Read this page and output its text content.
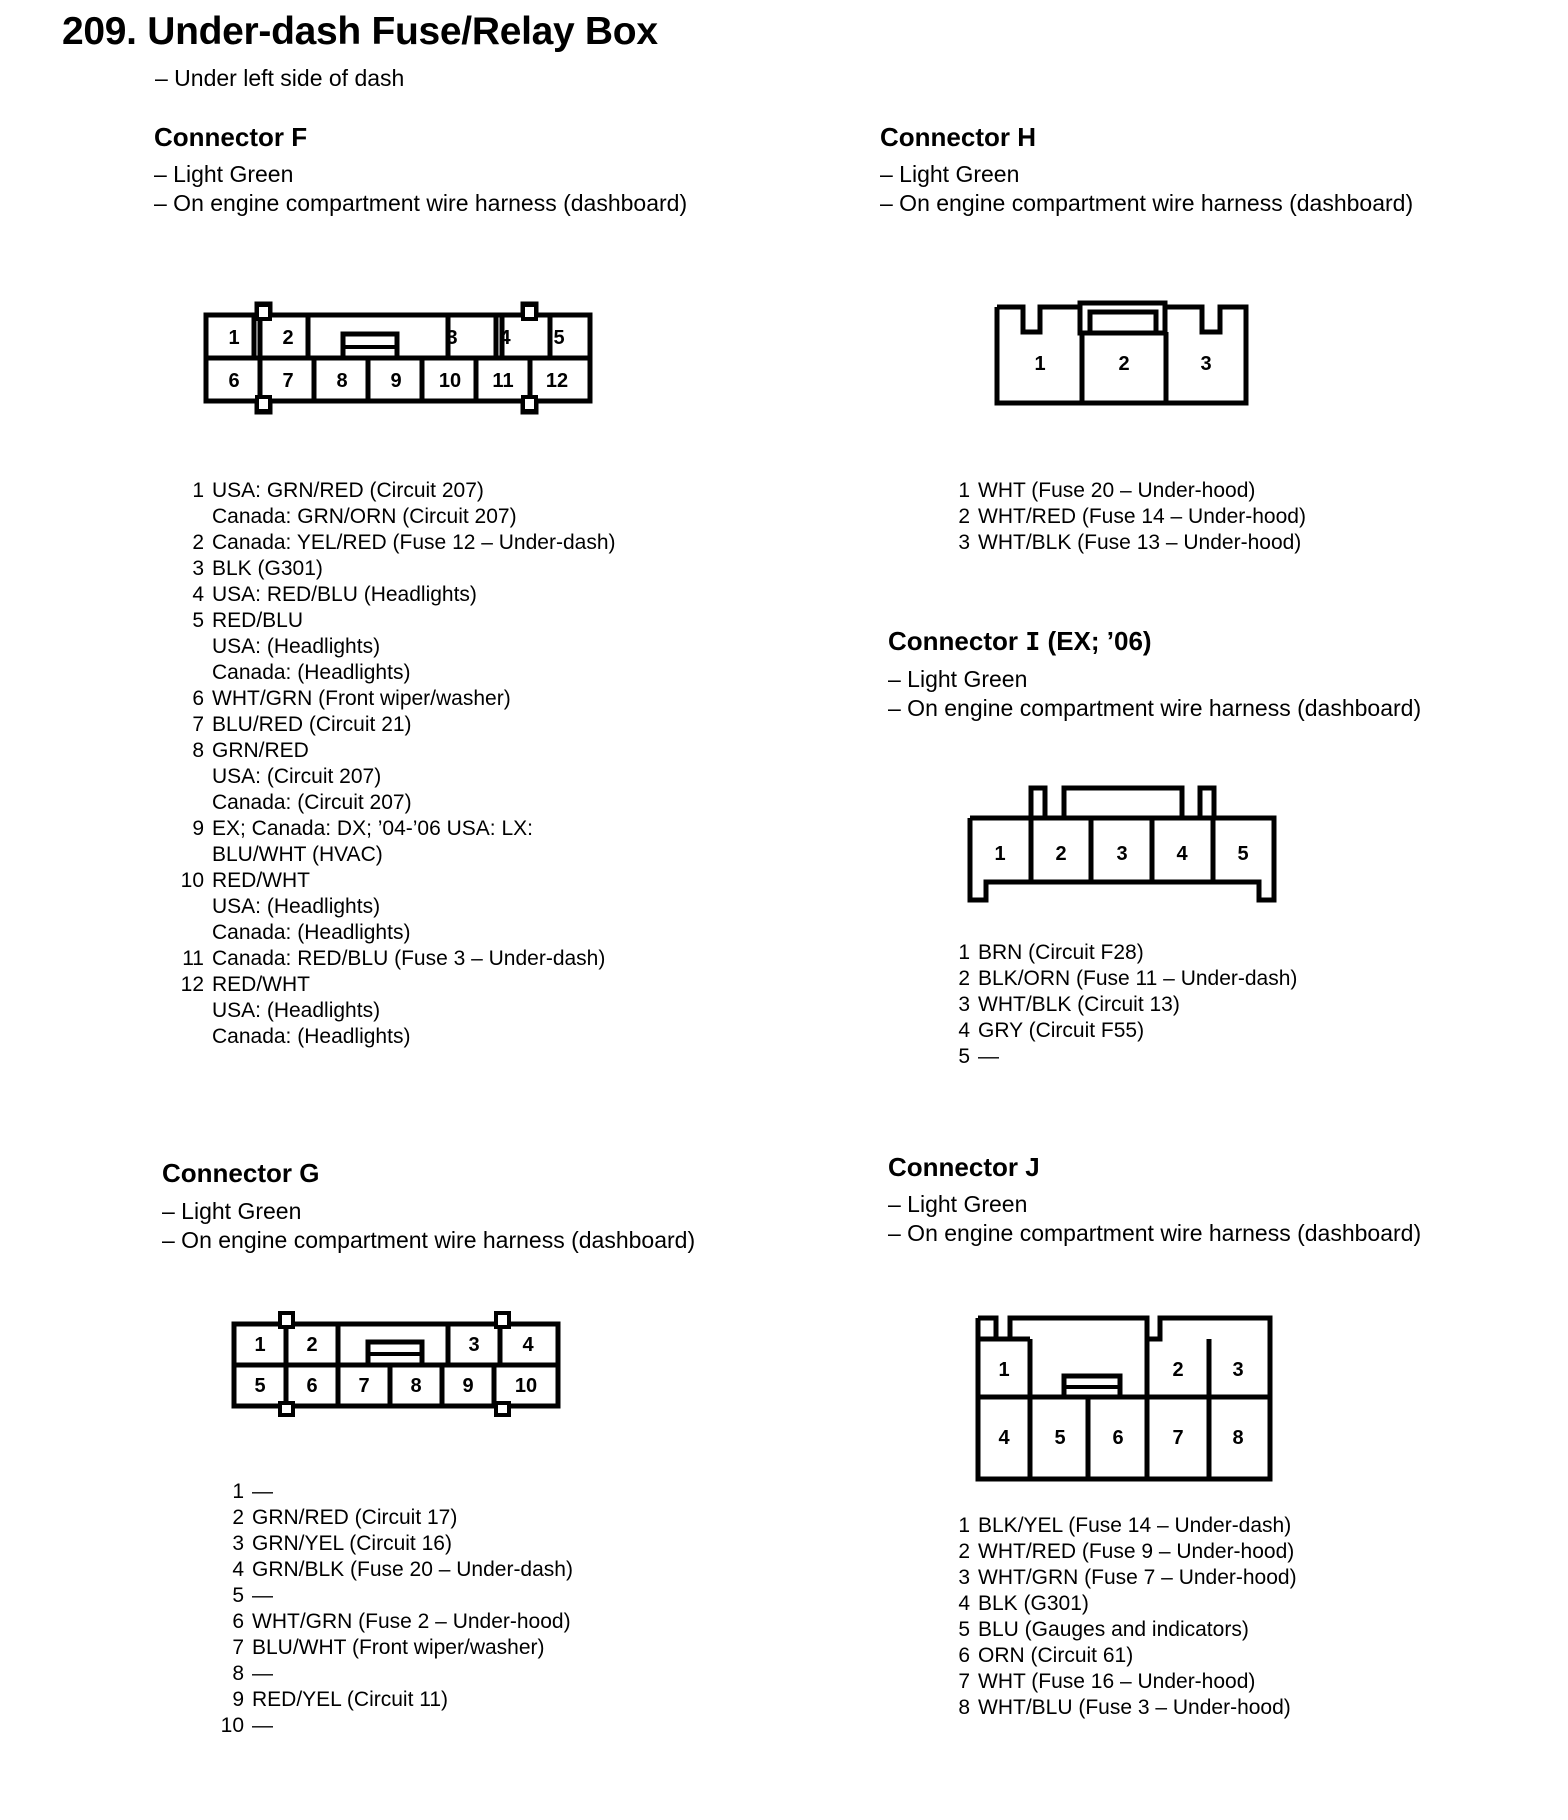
209. Under-dash Fuse/Relay Box
– Under left side of dash
Connector F
– Light Green
– On engine compartment wire harness (dashboard)
1 2	3 4 5
6 7 8 9 10 11 12
1 USA: GRN/RED (Circuit 207)
Canada: GRN/ORN (Circuit 207)
2 Canada: YEL/RED (Fuse 12 – Under-dash)
3 BLK (G301)
4 USA: RED/BLU (Headlights)
5 RED/BLU
USA: (Headlights)
Canada: (Headlights)
6 WHT/GRN (Front wiper/washer)
7 BLU/RED (Circuit 21)
8 GRN/RED
USA: (Circuit 207)
Canada: (Circuit 207)
9 EX; Canada: DX; ’04-’06 USA: LX:
BLU/WHT (HVAC)
10 RED/WHT
USA: (Headlights)
Canada: (Headlights)
11 Canada: RED/BLU (Fuse 3 – Under-dash)
12 RED/WHT
USA: (Headlights)
Canada: (Headlights)
Connector G
– Light Green
– On engine compartment wire harness (dashboard)
1 2	3 4
5 6 7 8 9 10
1 —
2 GRN/RED (Circuit 17)
3 GRN/YEL (Circuit 16)
4 GRN/BLK (Fuse 20 – Under-dash)
5 —
6 WHT/GRN (Fuse 2 – Under-hood)
7 BLU/WHT (Front wiper/washer)
8 —
9 RED/YEL (Circuit 11)
10 —
Connector H
– Light Green
– On engine compartment wire harness (dashboard)
1	2	3
1 WHT (Fuse 20 – Under-hood)
2 WHT/RED (Fuse 14 – Under-hood)
3 WHT/BLK (Fuse 13 – Under-hood)
Connector I (EX; ’06)
– Light Green
– On engine compartment wire harness (dashboard)
1 2 3 4 5
1 BRN (Circuit F28)
2 BLK/ORN (Fuse 11 – Under-dash)
3 WHT/BLK (Circuit 13)
4 GRY (Circuit F55)
5 —
Connector J
– Light Green
– On engine compartment wire harness (dashboard)
1	2 3
4 5 6 7 8
1 BLK/YEL (Fuse 14 – Under-dash)
2 WHT/RED (Fuse 9 – Under-hood)
3 WHT/GRN (Fuse 7 – Under-hood)
4 BLK (G301)
5 BLU (Gauges and indicators)
6 ORN (Circuit 61)
7 WHT (Fuse 16 – Under-hood)
8 WHT/BLU (Fuse 3 – Under-hood)
